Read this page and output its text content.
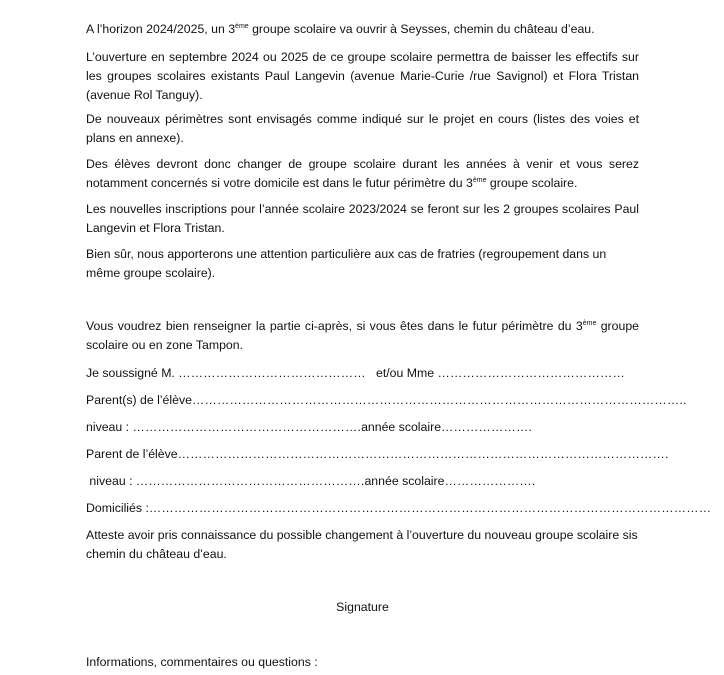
A l’horizon 2024/2025, un 3ème groupe scolaire va ouvrir à Seysses, chemin du château d’eau.

L’ouverture en septembre 2024 ou 2025 de ce groupe scolaire permettra de baisser les effectifs sur les groupes scolaires existants Paul Langevin (avenue Marie-Curie /rue Savignol) et Flora Tristan (avenue Rol Tanguy).

De nouveaux périmètres sont envisagés comme indiqué sur le projet en cours (listes des voies et plans en annexe).

Des élèves devront donc changer de groupe scolaire durant les années à venir et vous serez notamment concernés si votre domicile est dans le futur périmètre du 3ème groupe scolaire.

Les nouvelles inscriptions pour l’année scolaire 2023/2024 se feront sur les 2 groupes scolaires Paul Langevin et Flora Tristan.

Bien sûr, nous apporterons une attention particulière aux cas de fratries (regroupement dans un même groupe scolaire).

Vous voudrez bien renseigner la partie ci-après, si vous êtes dans le futur périmètre du 3ème groupe scolaire ou en zone Tampon.

Je soussigné M. ………………………………………   et/ou Mme ………………………………………

Parent(s) de l’élève………………………………………………………………………………………………………..

niveau : ……………………………………………….année scolaire………………….

Parent de l’élève……………………………………………………………………………………………………….

niveau : ……………………………………………….année scolaire………………….

Domiciliés :………………………………………………………………………………………………………………………

Atteste avoir pris connaissance du possible changement à l’ouverture du nouveau groupe scolaire sis chemin du château d’eau.

Signature

Informations, commentaires ou questions :
